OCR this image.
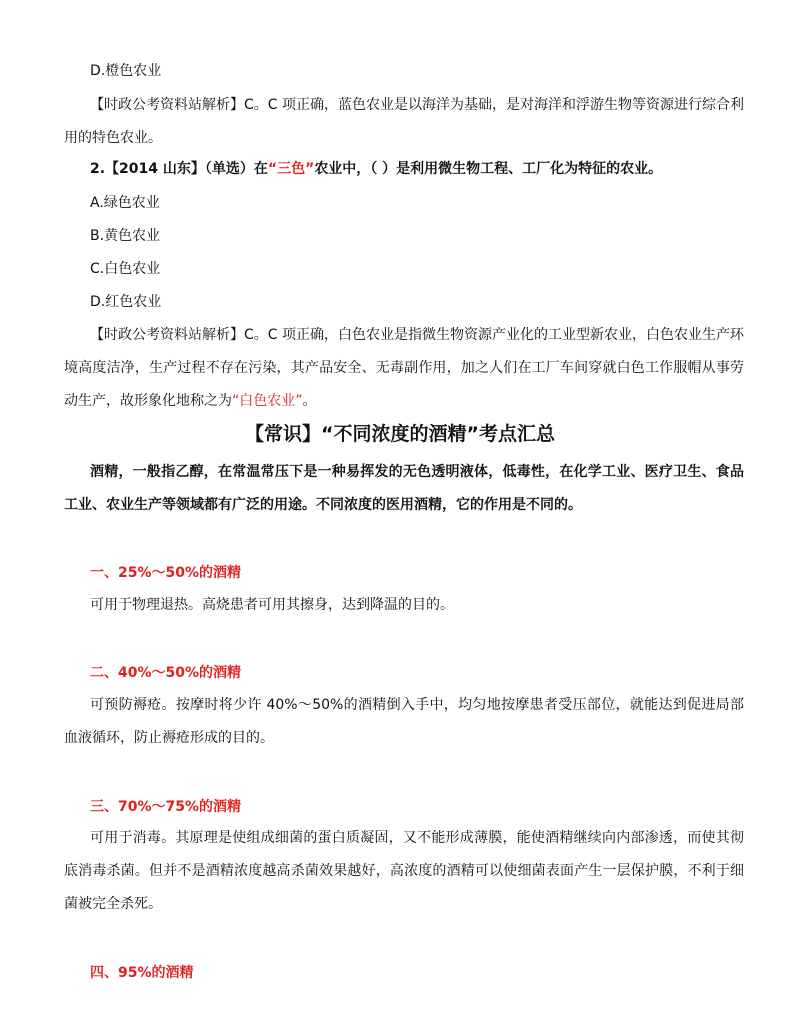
D.橙色农业
【时政公考资料站解析】C。C 项正确，蓝色农业是以海洋为基础，是对海洋和浮游生物等资源进行综合利用的特色农业。
2.【2014 山东】（单选）在“三色”农业中，（ ）是利用微生物工程、工厂化为特征的农业。
A.绿色农业
B.黄色农业
C.白色农业
D.红色农业
【时政公考资料站解析】C。C 项正确，白色农业是指微生物资源产业化的工业型新农业，白色农业生产环境高度洁净，生产过程不存在污染，其产品安全、无毒副作用，加之人们在工厂车间穿就白色工作服帽从事劳动生产，故形象化地称之为“白色农业”。
【常识】“不同浓度的酒精”考点汇总
酒精，一般指乙醇，在常温常压下是一种易挥发的无色透明液体，低毒性，在化学工业、医疗卫生、食品工业、农业生产等领域都有广泛的用途。不同浓度的医用酒精，它的作用是不同的。
一、25%～50%的酒精
可用于物理退热。高烧患者可用其擦身，达到降温的目的。
二、40%～50%的酒精
可预防褥疮。按摩时将少许 40%～50%的酒精倒入手中，均匀地按摩患者受压部位，就能达到促进局部血液循环，防止褥疮形成的目的。
三、70%～75%的酒精
可用于消毒。其原理是使组成细菌的蛋白质凝固，又不能形成薄膜，能使酒精继续向内部渗透，而使其彻底消毒杀菌。但并不是酒精浓度越高杀菌效果越好，高浓度的酒精可以使细菌表面产生一层保护膜，不利于细菌被完全杀死。
四、95%的酒精
